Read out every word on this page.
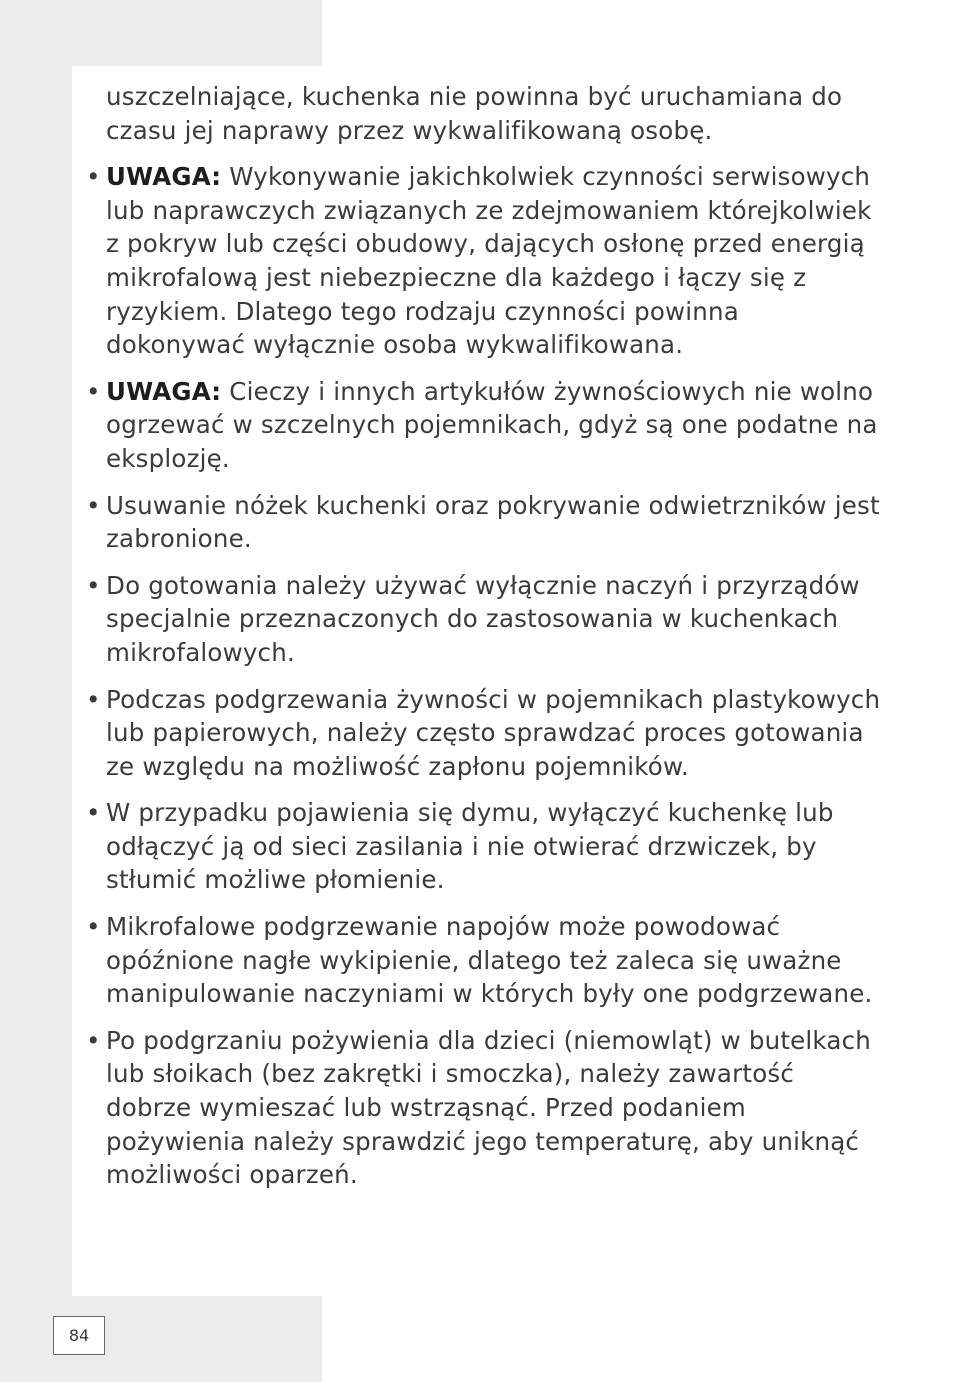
uszczelniające, kuchenka nie powinna być uruchamiana do czasu jej naprawy przez wykwalifikowaną osobę.

• UWAGA: Wykonywanie jakichkolwiek czynności serwisowych lub naprawczych związanych ze zdejmowaniem którejkolwiek z pokryw lub części obudowy, dających osłonę przed energią mikrofalową jest niebezpieczne dla każdego i łączy się z ryzykiem. Dlatego tego rodzaju czynności powinna dokonywać wyłącznie osoba wykwalifikowana.
• UWAGA: Cieczy i innych artykułów żywnościowych nie wolno ogrzewać w szczelnych pojemnikach, gdyż są one podatne na eksplozję.
• Usuwanie nóżek kuchenki oraz pokrywanie odwietrzników jest zabronione.
• Do gotowania należy używać wyłącznie naczyń i przyrządów specjalnie przeznaczonych do zastosowania w kuchenkach mikrofalowych.
• Podczas podgrzewania żywności w pojemnikach plastykowych lub papierowych, należy często sprawdzać proces gotowania ze względu na możliwość zapłonu pojemników.
• W przypadku pojawienia się dymu, wyłączyć kuchenkę lub odłączyć ją od sieci zasilania i nie otwierać drzwiczek, by stłumić możliwe płomienie.
• Mikrofalowe podgrzewanie napojów może powodować opóźnione nagłe wykipienie, dlatego też zaleca się uważne manipulowanie naczyniami w których były one podgrzewane.
• Po podgrzaniu pożywienia dla dzieci (niemowląt) w butelkach lub słoikach (bez zakrętki i smoczka), należy zawartość dobrze wymieszać lub wstrząsnąć. Przed podaniem pożywienia należy sprawdzić jego temperaturę, aby uniknąć możliwości oparzeń.
84
